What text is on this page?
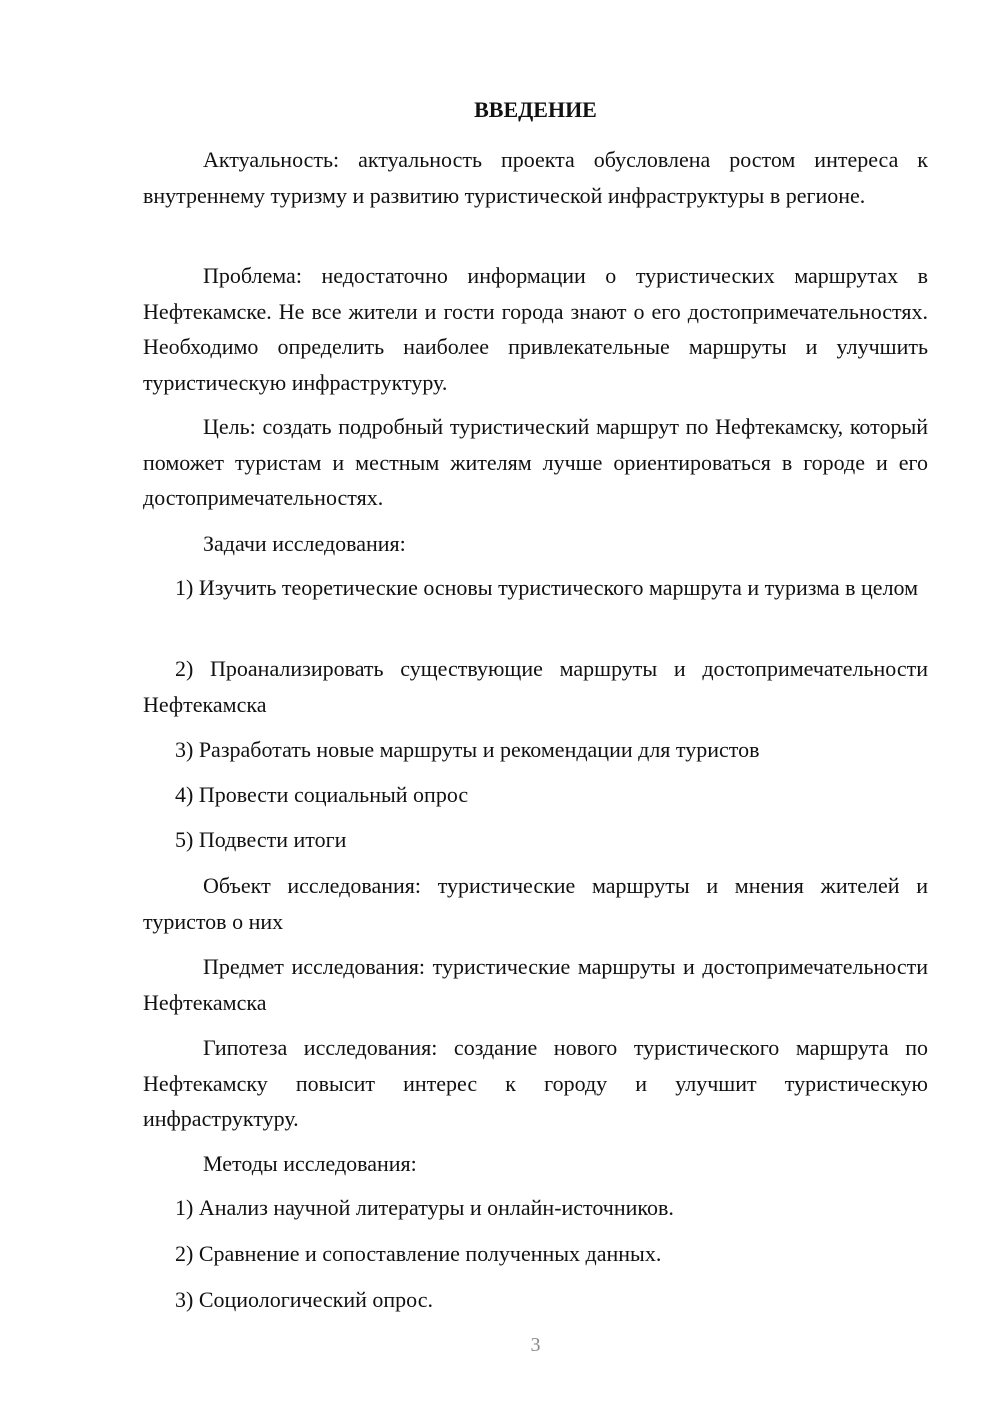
ВВЕДЕНИЕ

Актуальность: актуальность проекта обусловлена ростом интереса к внутреннему туризму и развитию туристической инфраструктуры в регионе.

Проблема: недостаточно информации о туристических маршрутах в Нефтекамске. Не все жители и гости города знают о его достопримечательностях. Необходимо определить наиболее привлекательные маршруты и улучшить туристическую инфраструктуру.

Цель: создать подробный туристический маршрут по Нефтекамску, который поможет туристам и местным жителям лучше ориентироваться в городе и его достопримечательностях.

Задачи исследования:

1) Изучить теоретические основы туристического маршрута и туризма в целом

2) Проанализировать существующие маршруты и достопримечательности Нефтекамска

3) Разработать новые маршруты и рекомендации для туристов
4) Провести социальный опрос
5) Подвести итоги

Объект исследования: туристические маршруты и мнения жителей и туристов о них

Предмет исследования: туристические маршруты и достопримечательности Нефтекамска

Гипотеза исследования: создание нового туристического маршрута по Нефтекамску повысит интерес к городу и улучшит туристическую инфраструктуру.

Методы исследования:
1) Анализ научной литературы и онлайн-источников.
2) Сравнение и сопоставление полученных данных.
3) Социологический опрос.
3
